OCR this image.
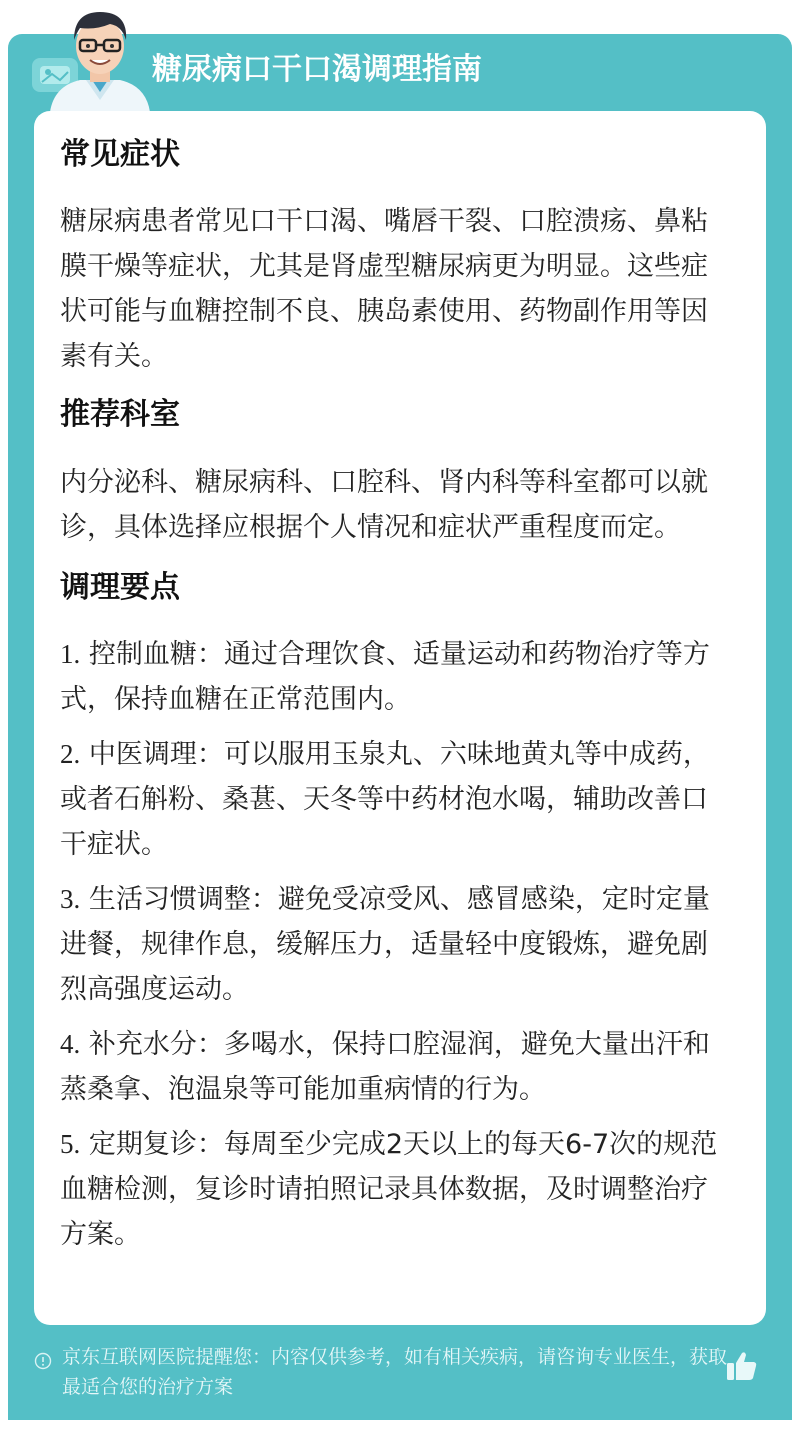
糖尿病口干口渴调理指南
常见症状

糖尿病患者常见口干口渴、嘴唇干裂、口腔溃疡、鼻粘膜干燥等症状，尤其是肾虚型糖尿病更为明显。这些症状可能与血糖控制不良、胰岛素使用、药物副作用等因素有关。

推荐科室

内分泌科、糖尿病科、口腔科、肾内科等科室都可以就诊，具体选择应根据个人情况和症状严重程度而定。

调理要点

1. 控制血糖：通过合理饮食、适量运动和药物治疗等方式，保持血糖在正常范围内。

2. 中医调理：可以服用玉泉丸、六味地黄丸等中成药，或者石斛粉、桑葚、天冬等中药材泡水喝，辅助改善口干症状。

3. 生活习惯调整：避免受凉受风、感冒感染，定时定量进餐，规律作息，缓解压力，适量轻中度锻炼，避免剧烈高强度运动。

4. 补充水分：多喝水，保持口腔湿润，避免大量出汗和蒸桑拿、泡温泉等可能加重病情的行为。

5. 定期复诊：每周至少完成2天以上的每天6-7次的规范血糖检测，复诊时请拍照记录具体数据，及时调整治疗方案。

京东互联网医院提醒您：内容仅供参考，如有相关疾病，请咨询专业医生，获取最适合您的治疗方案
